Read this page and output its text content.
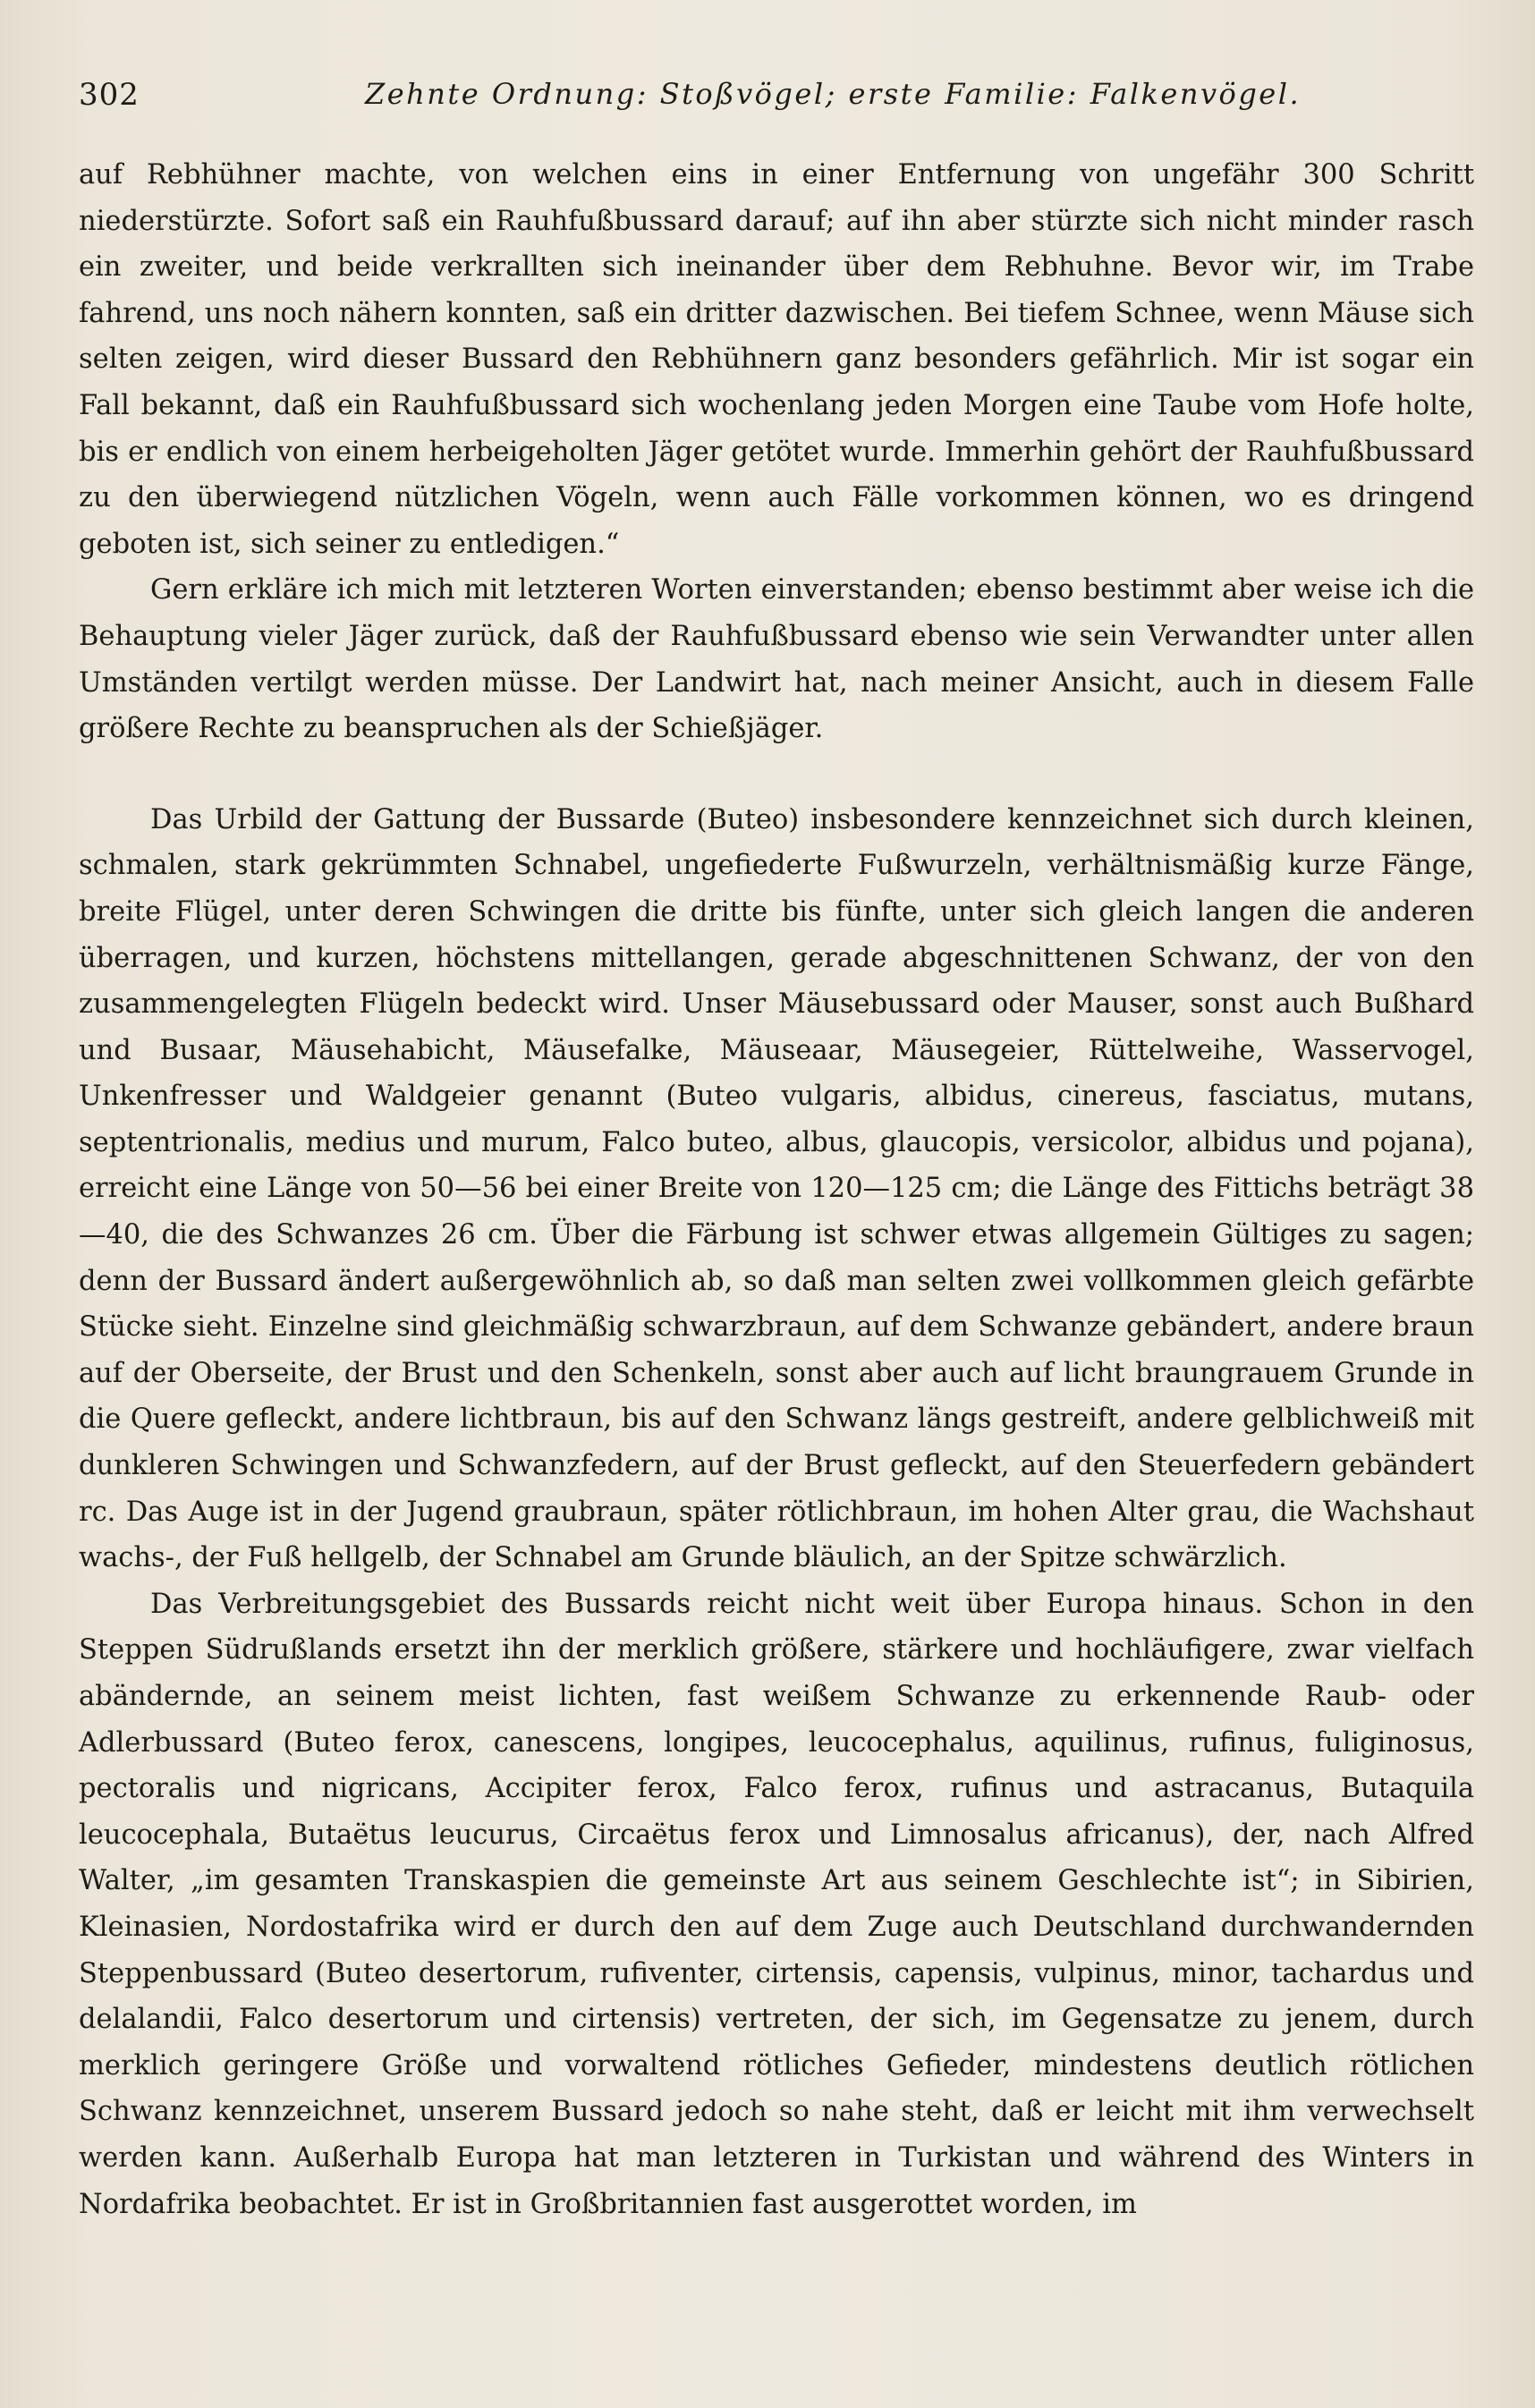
302	Zehnte Ordnung: Stoßvögel; erste Familie: Falkenvögel.

auf Rebhühner machte, von welchen eins in einer Entfernung von ungefähr 300 Schritt niederstürzte. Sofort saß ein Rauhfußbussard darauf; auf ihn aber stürzte sich nicht minder rasch ein zweiter, und beide verkrallten sich ineinander über dem Rebhuhne. Bevor wir, im Trabe fahrend, uns noch nähern konnten, saß ein dritter dazwischen. Bei tiefem Schnee, wenn Mäuse sich selten zeigen, wird dieser Bussard den Rebhühnern ganz besonders gefährlich. Mir ist sogar ein Fall bekannt, daß ein Rauhfußbussard sich wochenlang jeden Morgen eine Taube vom Hofe holte, bis er endlich von einem herbeigeholten Jäger getötet wurde. Immerhin gehört der Rauhfußbussard zu den überwiegend nützlichen Vögeln, wenn auch Fälle vorkommen können, wo es dringend geboten ist, sich seiner zu entledigen.“

Gern erkläre ich mich mit letzteren Worten einverstanden; ebenso bestimmt aber weise ich die Behauptung vieler Jäger zurück, daß der Rauhfußbussard ebenso wie sein Verwandter unter allen Umständen vertilgt werden müsse. Der Landwirt hat, nach meiner Ansicht, auch in diesem Falle größere Rechte zu beanspruchen als der Schießjäger.

Das Urbild der Gattung der Bussarde (Buteo) insbesondere kennzeichnet sich durch kleinen, schmalen, stark gekrümmten Schnabel, ungefiederte Fußwurzeln, verhältnismäßig kurze Fänge, breite Flügel, unter deren Schwingen die dritte bis fünfte, unter sich gleich langen die anderen überragen, und kurzen, höchstens mittellangen, gerade abgeschnittenen Schwanz, der von den zusammengelegten Flügeln bedeckt wird. Unser Mäusebussard oder Mauser, sonst auch Bußhard und Busaar, Mäusehabicht, Mäusefalke, Mäuseaar, Mäusegeier, Rüttelweihe, Wasservogel, Unkenfresser und Waldgeier genannt (Buteo vulgaris, albidus, cinereus, fasciatus, mutans, septentrionalis, medius und murum, Falco buteo, albus, glaucopis, versicolor, albidus und pojana), erreicht eine Länge von 50—56 bei einer Breite von 120—125 cm; die Länge des Fittichs beträgt 38—40, die des Schwanzes 26 cm. Über die Färbung ist schwer etwas allgemein Gültiges zu sagen; denn der Bussard ändert außergewöhnlich ab, so daß man selten zwei vollkommen gleich gefärbte Stücke sieht. Einzelne sind gleichmäßig schwarzbraun, auf dem Schwanze gebändert, andere braun auf der Oberseite, der Brust und den Schenkeln, sonst aber auch auf licht braungrauem Grunde in die Quere gefleckt, andere lichtbraun, bis auf den Schwanz längs gestreift, andere gelblichweiß mit dunkleren Schwingen und Schwanzfedern, auf der Brust gefleckt, auf den Steuerfedern gebändert rc. Das Auge ist in der Jugend graubraun, später rötlichbraun, im hohen Alter grau, die Wachshaut wachs-, der Fuß hellgelb, der Schnabel am Grunde bläulich, an der Spitze schwärzlich.

Das Verbreitungsgebiet des Bussards reicht nicht weit über Europa hinaus. Schon in den Steppen Südrußlands ersetzt ihn der merklich größere, stärkere und hochläufigere, zwar vielfach abändernde, an seinem meist lichten, fast weißem Schwanze zu erkennende Raub- oder Adlerbussard (Buteo ferox, canescens, longipes, leucocephalus, aquilinus, rufinus, fuliginosus, pectoralis und nigricans, Accipiter ferox, Falco ferox, rufinus und astracanus, Butaquila leucocephala, Butaëtus leucurus, Circaëtus ferox und Limnosalus africanus), der, nach Alfred Walter, „im gesamten Transkaspien die gemeinste Art aus seinem Geschlechte ist“; in Sibirien, Kleinasien, Nordostafrika wird er durch den auf dem Zuge auch Deutschland durchwandernden Steppenbussard (Buteo desertorum, rufiventer, cirtensis, capensis, vulpinus, minor, tachardus und delalandii, Falco desertorum und cirtensis) vertreten, der sich, im Gegensatze zu jenem, durch merklich geringere Größe und vorwaltend rötliches Gefieder, mindestens deutlich rötlichen Schwanz kennzeichnet, unserem Bussard jedoch so nahe steht, daß er leicht mit ihm verwechselt werden kann. Außerhalb Europa hat man letzteren in Turkistan und während des Winters in Nordafrika beobachtet. Er ist in Großbritannien fast ausgerottet worden, im
